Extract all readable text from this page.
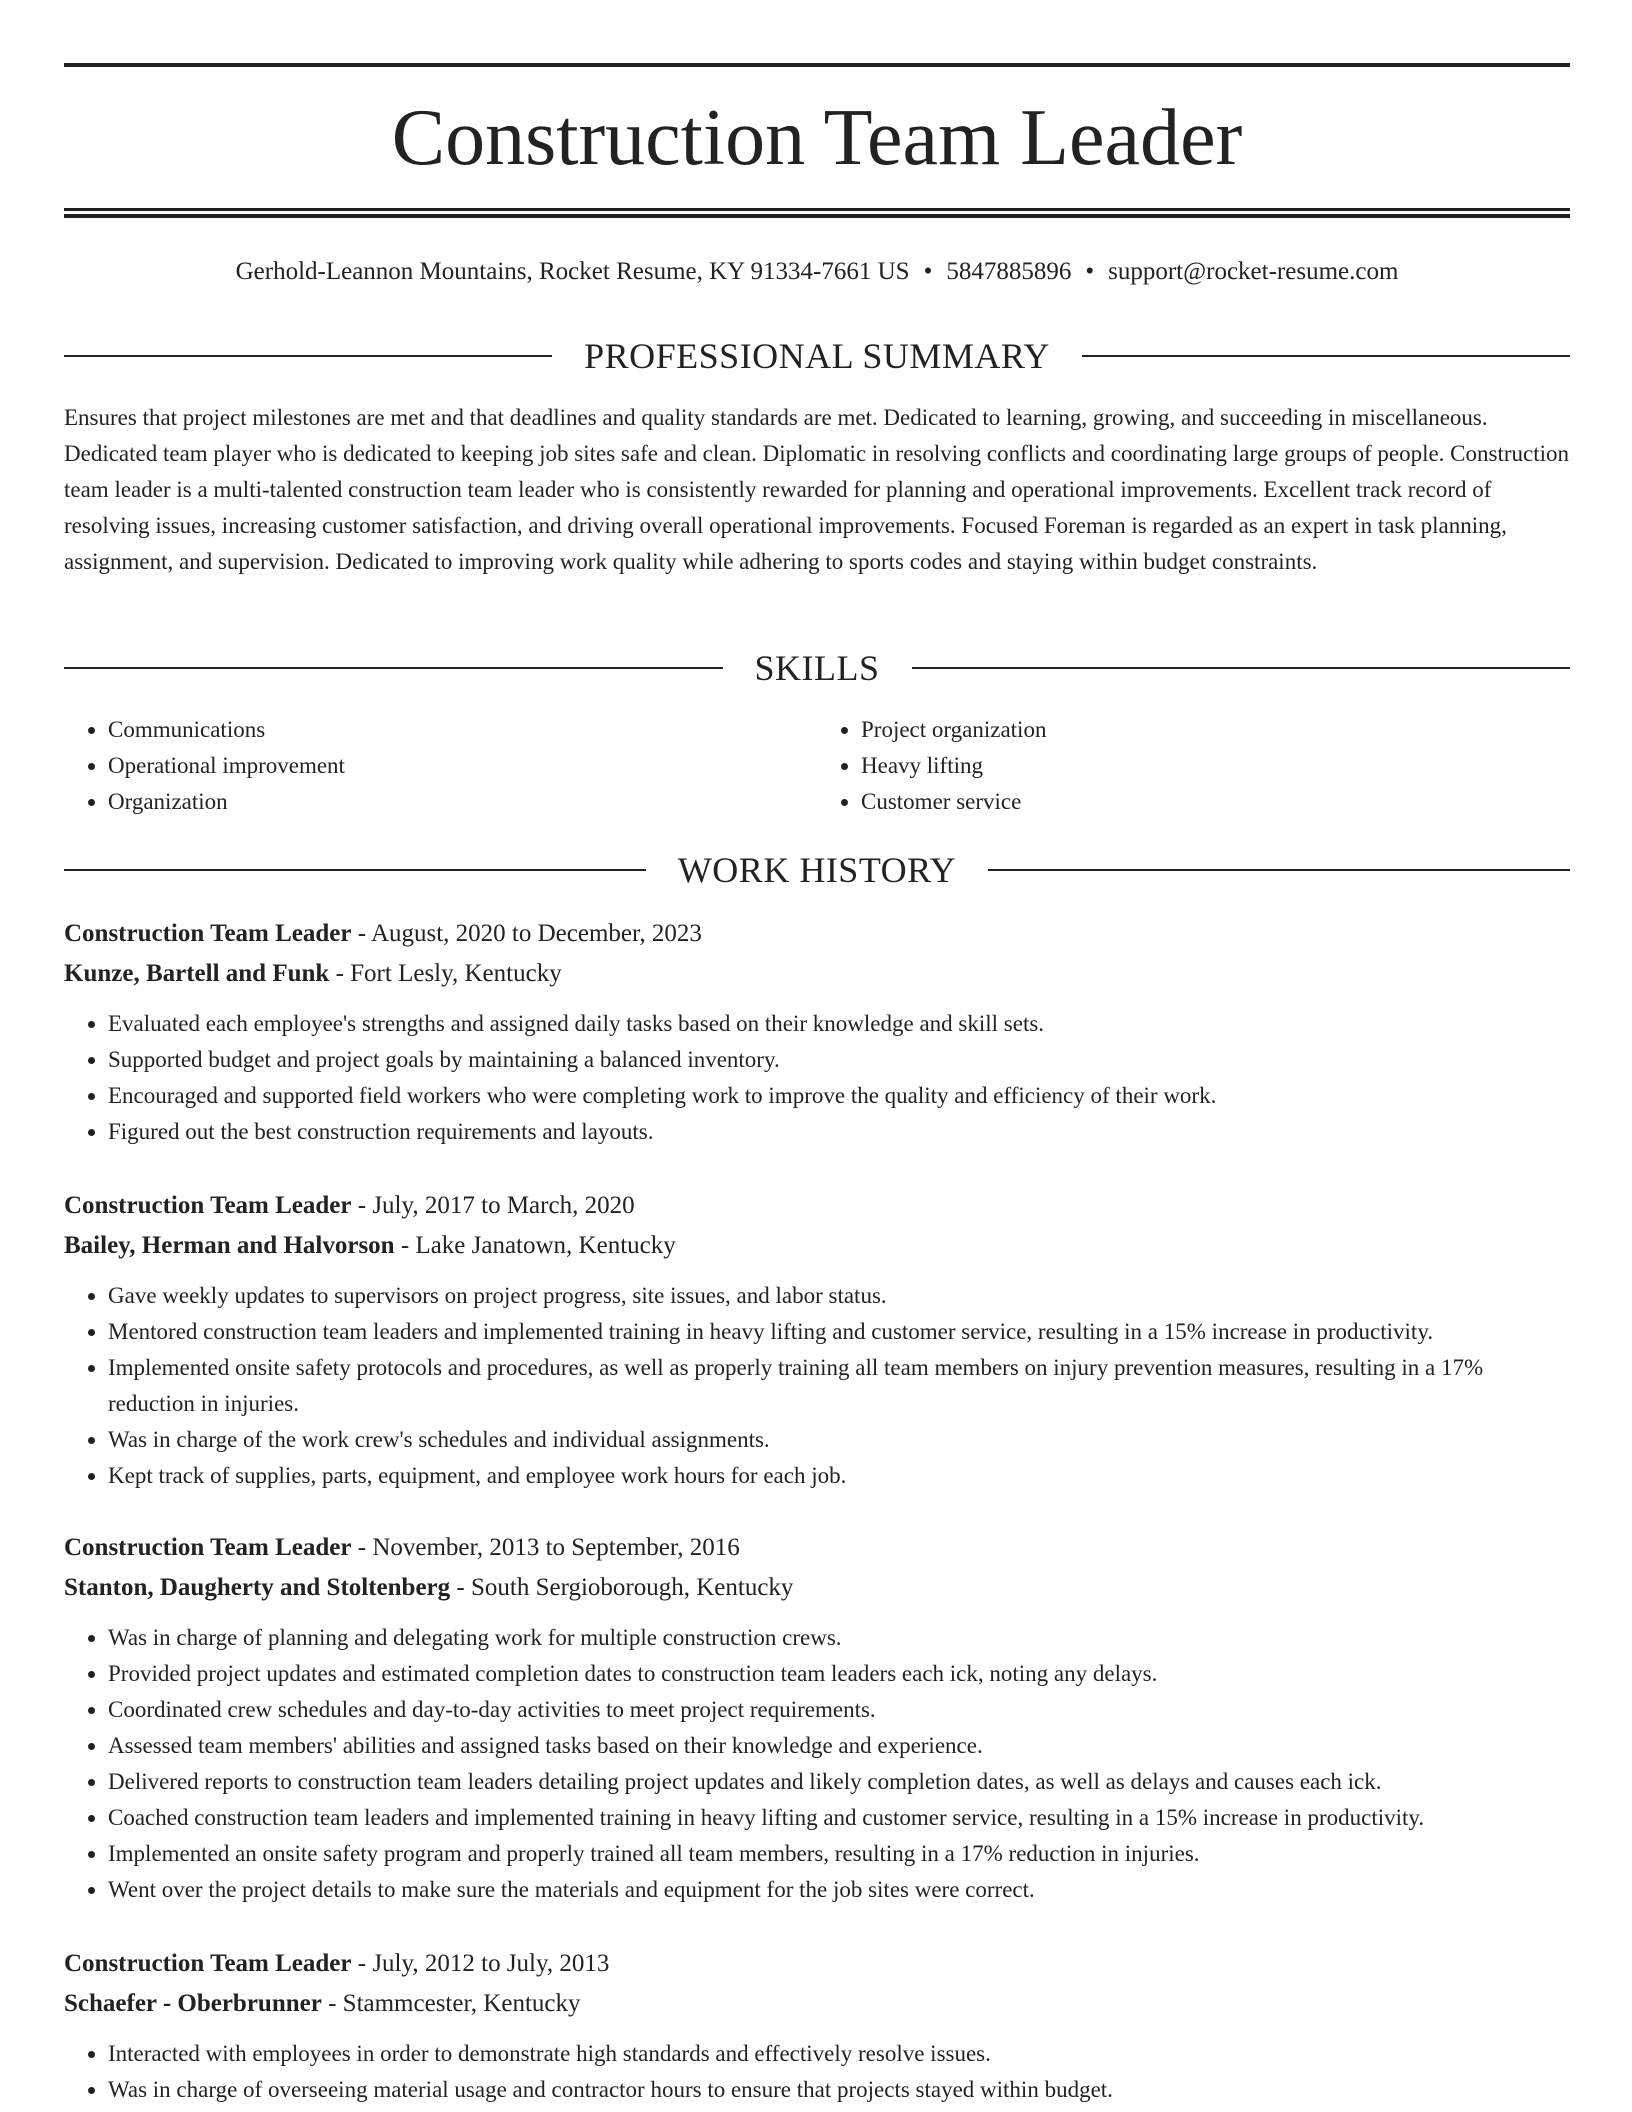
Construction Team Leader
Gerhold-Leannon Mountains, Rocket Resume, KY 91334-7661 US • 5847885896 • support@rocket-resume.com
PROFESSIONAL SUMMARY
Ensures that project milestones are met and that deadlines and quality standards are met. Dedicated to learning, growing, and succeeding in miscellaneous. Dedicated team player who is dedicated to keeping job sites safe and clean. Diplomatic in resolving conflicts and coordinating large groups of people. Construction team leader is a multi-talented construction team leader who is consistently rewarded for planning and operational improvements. Excellent track record of resolving issues, increasing customer satisfaction, and driving overall operational improvements. Focused Foreman is regarded as an expert in task planning, assignment, and supervision. Dedicated to improving work quality while adhering to sports codes and staying within budget constraints.
SKILLS
• Communications
• Operational improvement
• Organization
• Project organization
• Heavy lifting
• Customer service
WORK HISTORY
Construction Team Leader - August, 2020 to December, 2023
Kunze, Bartell and Funk - Fort Lesly, Kentucky
• Evaluated each employee's strengths and assigned daily tasks based on their knowledge and skill sets.
• Supported budget and project goals by maintaining a balanced inventory.
• Encouraged and supported field workers who were completing work to improve the quality and efficiency of their work.
• Figured out the best construction requirements and layouts.
Construction Team Leader - July, 2017 to March, 2020
Bailey, Herman and Halvorson - Lake Janatown, Kentucky
• Gave weekly updates to supervisors on project progress, site issues, and labor status.
• Mentored construction team leaders and implemented training in heavy lifting and customer service, resulting in a 15% increase in productivity.
• Implemented onsite safety protocols and procedures, as well as properly training all team members on injury prevention measures, resulting in a 17% reduction in injuries.
• Was in charge of the work crew's schedules and individual assignments.
• Kept track of supplies, parts, equipment, and employee work hours for each job.
Construction Team Leader - November, 2013 to September, 2016
Stanton, Daugherty and Stoltenberg - South Sergioborough, Kentucky
• Was in charge of planning and delegating work for multiple construction crews.
• Provided project updates and estimated completion dates to construction team leaders each ick, noting any delays.
• Coordinated crew schedules and day-to-day activities to meet project requirements.
• Assessed team members' abilities and assigned tasks based on their knowledge and experience.
• Delivered reports to construction team leaders detailing project updates and likely completion dates, as well as delays and causes each ick.
• Coached construction team leaders and implemented training in heavy lifting and customer service, resulting in a 15% increase in productivity.
• Implemented an onsite safety program and properly trained all team members, resulting in a 17% reduction in injuries.
• Went over the project details to make sure the materials and equipment for the job sites were correct.
Construction Team Leader - July, 2012 to July, 2013
Schaefer - Oberbrunner - Stammcester, Kentucky
• Interacted with employees in order to demonstrate high standards and effectively resolve issues.
• Was in charge of overseeing material usage and contractor hours to ensure that projects stayed within budget.
